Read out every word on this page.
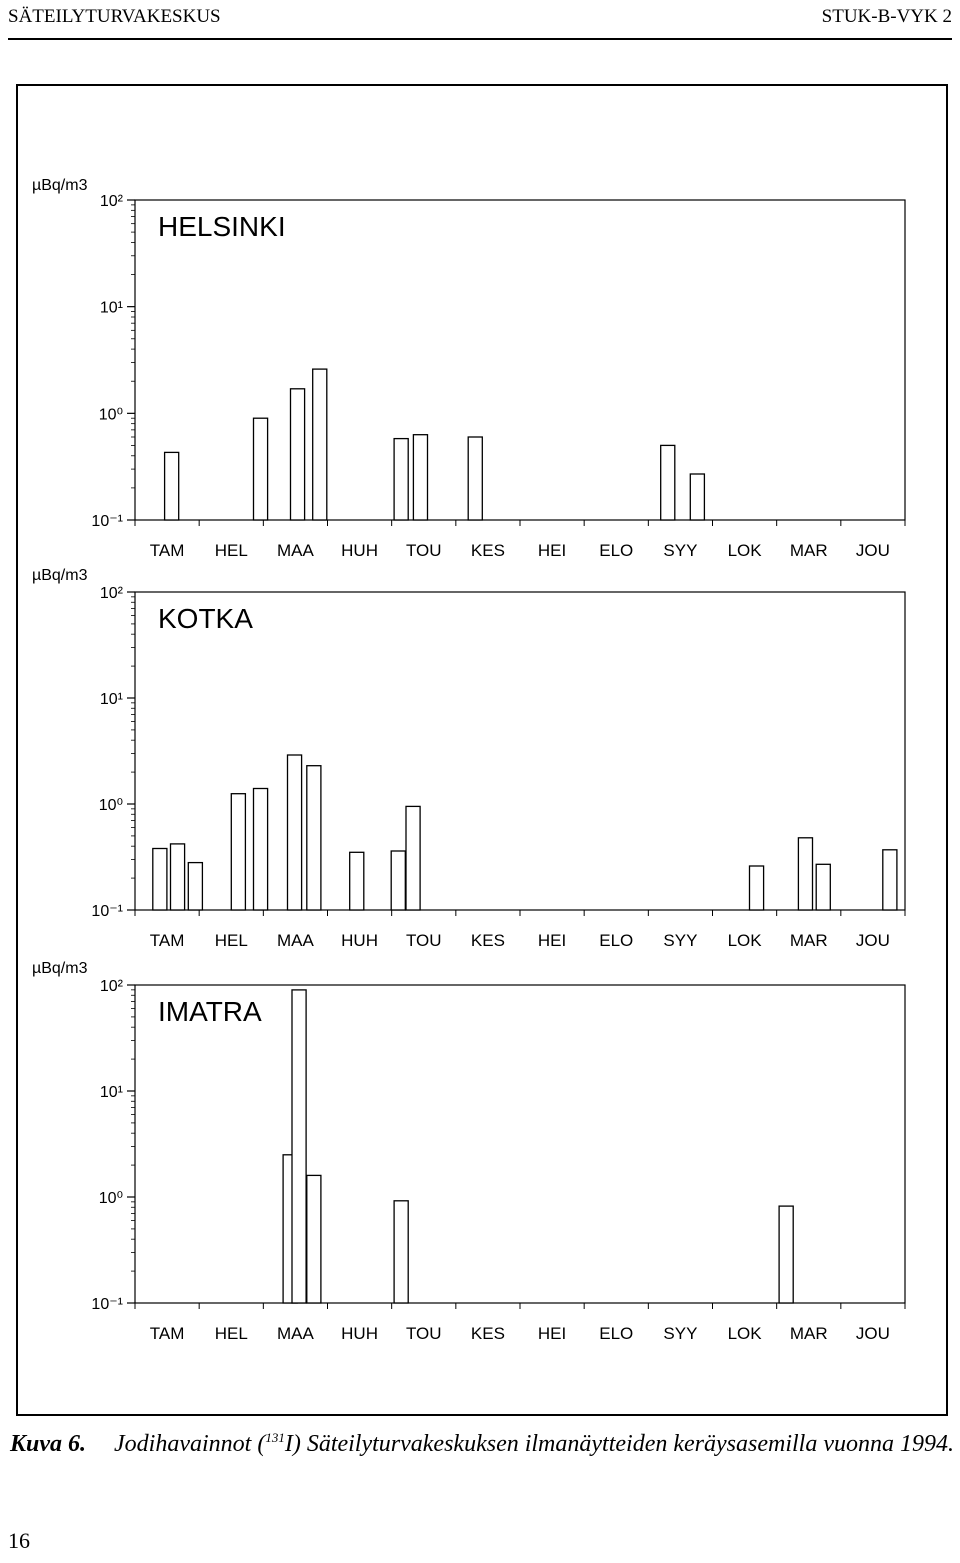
SÄTEILYTURVAKESKUS	STUK-B-VYK 2
µBq/m3
HELSINKI
10⁻¹
10⁰
10¹
10²
TAM HEL MAA HUH TOU KES HEI ELO SYY LOK MAR JOU
µBq/m3
KOTKA
10⁻¹
10⁰
10¹
10²
TAM HEL MAA HUH TOU KES HEI ELO SYY LOK MAR JOU
µBq/m3
IMATRA
10⁻¹
10⁰
10¹
10²
TAM HEL MAA HUH TOU KES HEI ELO SYY LOK MAR JOU
Kuva 6. Jodihavainnot ($^{131}$I) Säteilyturvakeskuksen ilmanäytteiden keräysasemilla vuonna 1994.
16
